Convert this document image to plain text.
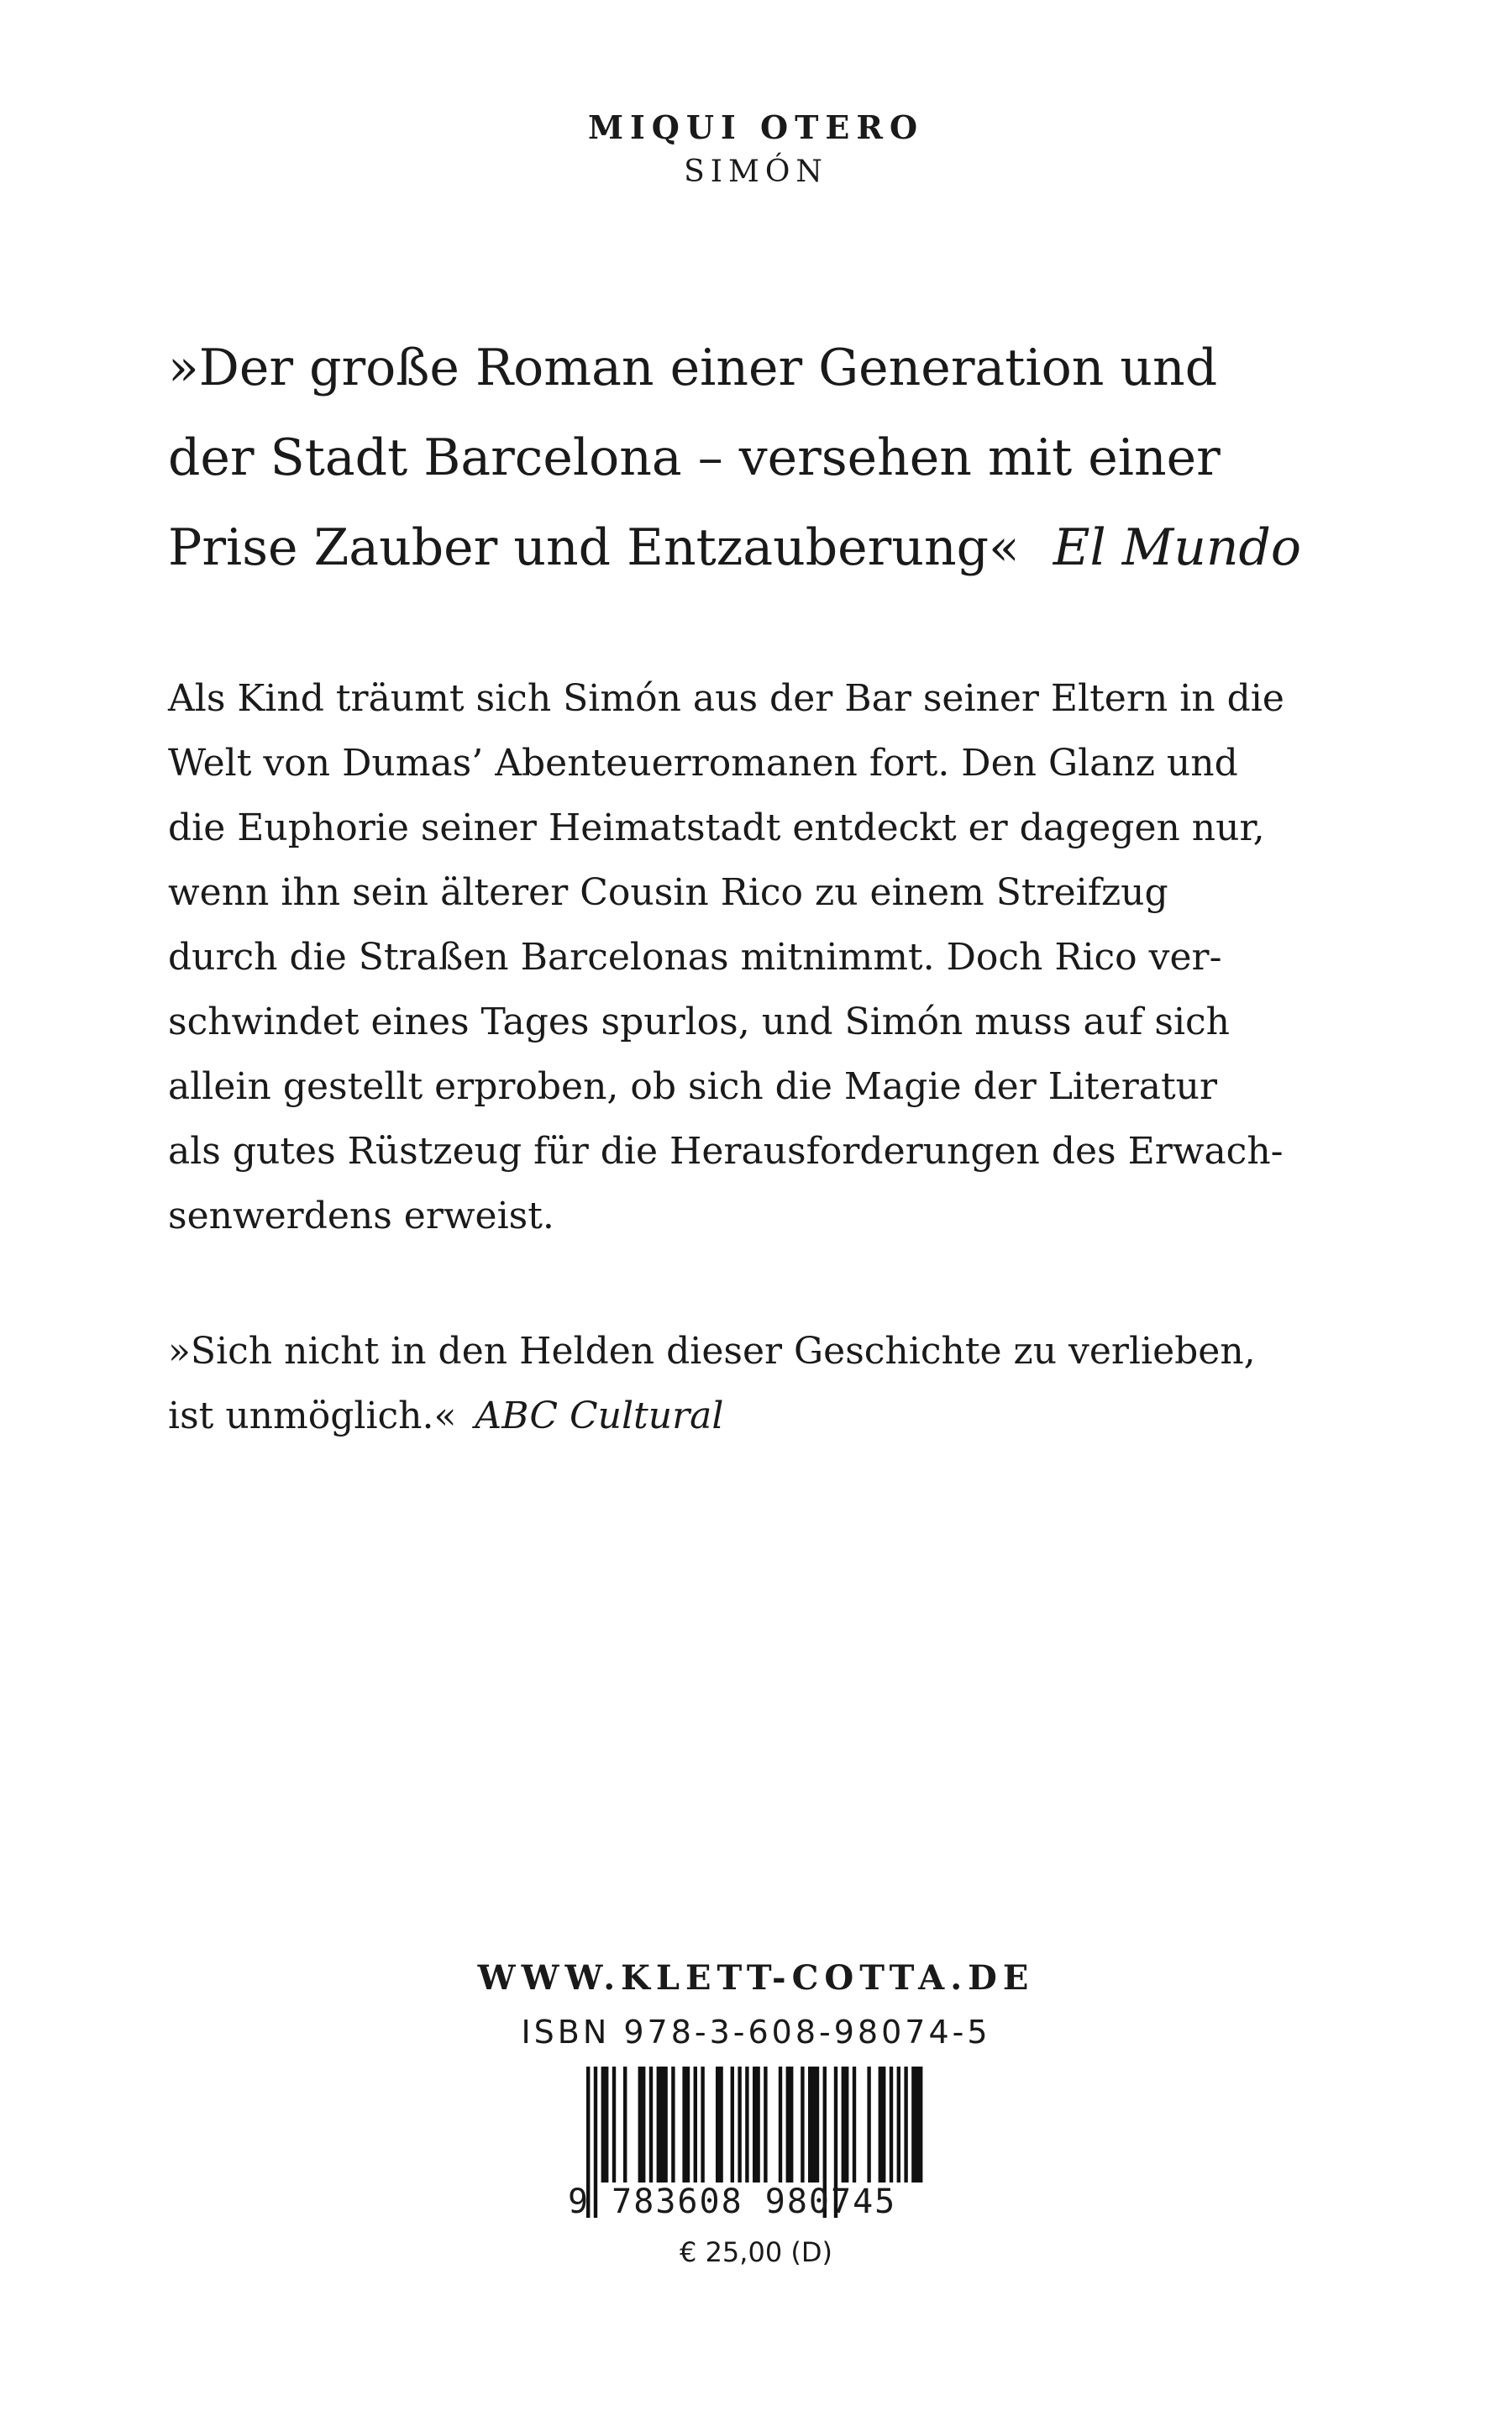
MIQUI OTERO
SIMÓN
»Der große Roman einer Generation und
der Stadt Barcelona – versehen mit einer
Prise Zauber und Entzauberung« El Mundo
Als Kind träumt sich Simón aus der Bar seiner Eltern in die
Welt von Dumas’ Abenteuerromanen fort. Den Glanz und
die Euphorie seiner Heimatstadt entdeckt er dagegen nur,
wenn ihn sein älterer Cousin Rico zu einem Streifzug
durch die Straßen Barcelonas mitnimmt. Doch Rico ver-
schwindet eines Tages spurlos, und Simón muss auf sich
allein gestellt erproben, ob sich die Magie der Literatur
als gutes Rüstzeug für die Herausforderungen des Erwach-
senwerdens erweist.
»Sich nicht in den Helden dieser Geschichte zu verlieben,
ist unmöglich.« ABC Cultural
WWW.KLETT-COTTA.DE
ISBN 978-3-608-98074-5
9 783608 980745
€ 25,00 (D)
